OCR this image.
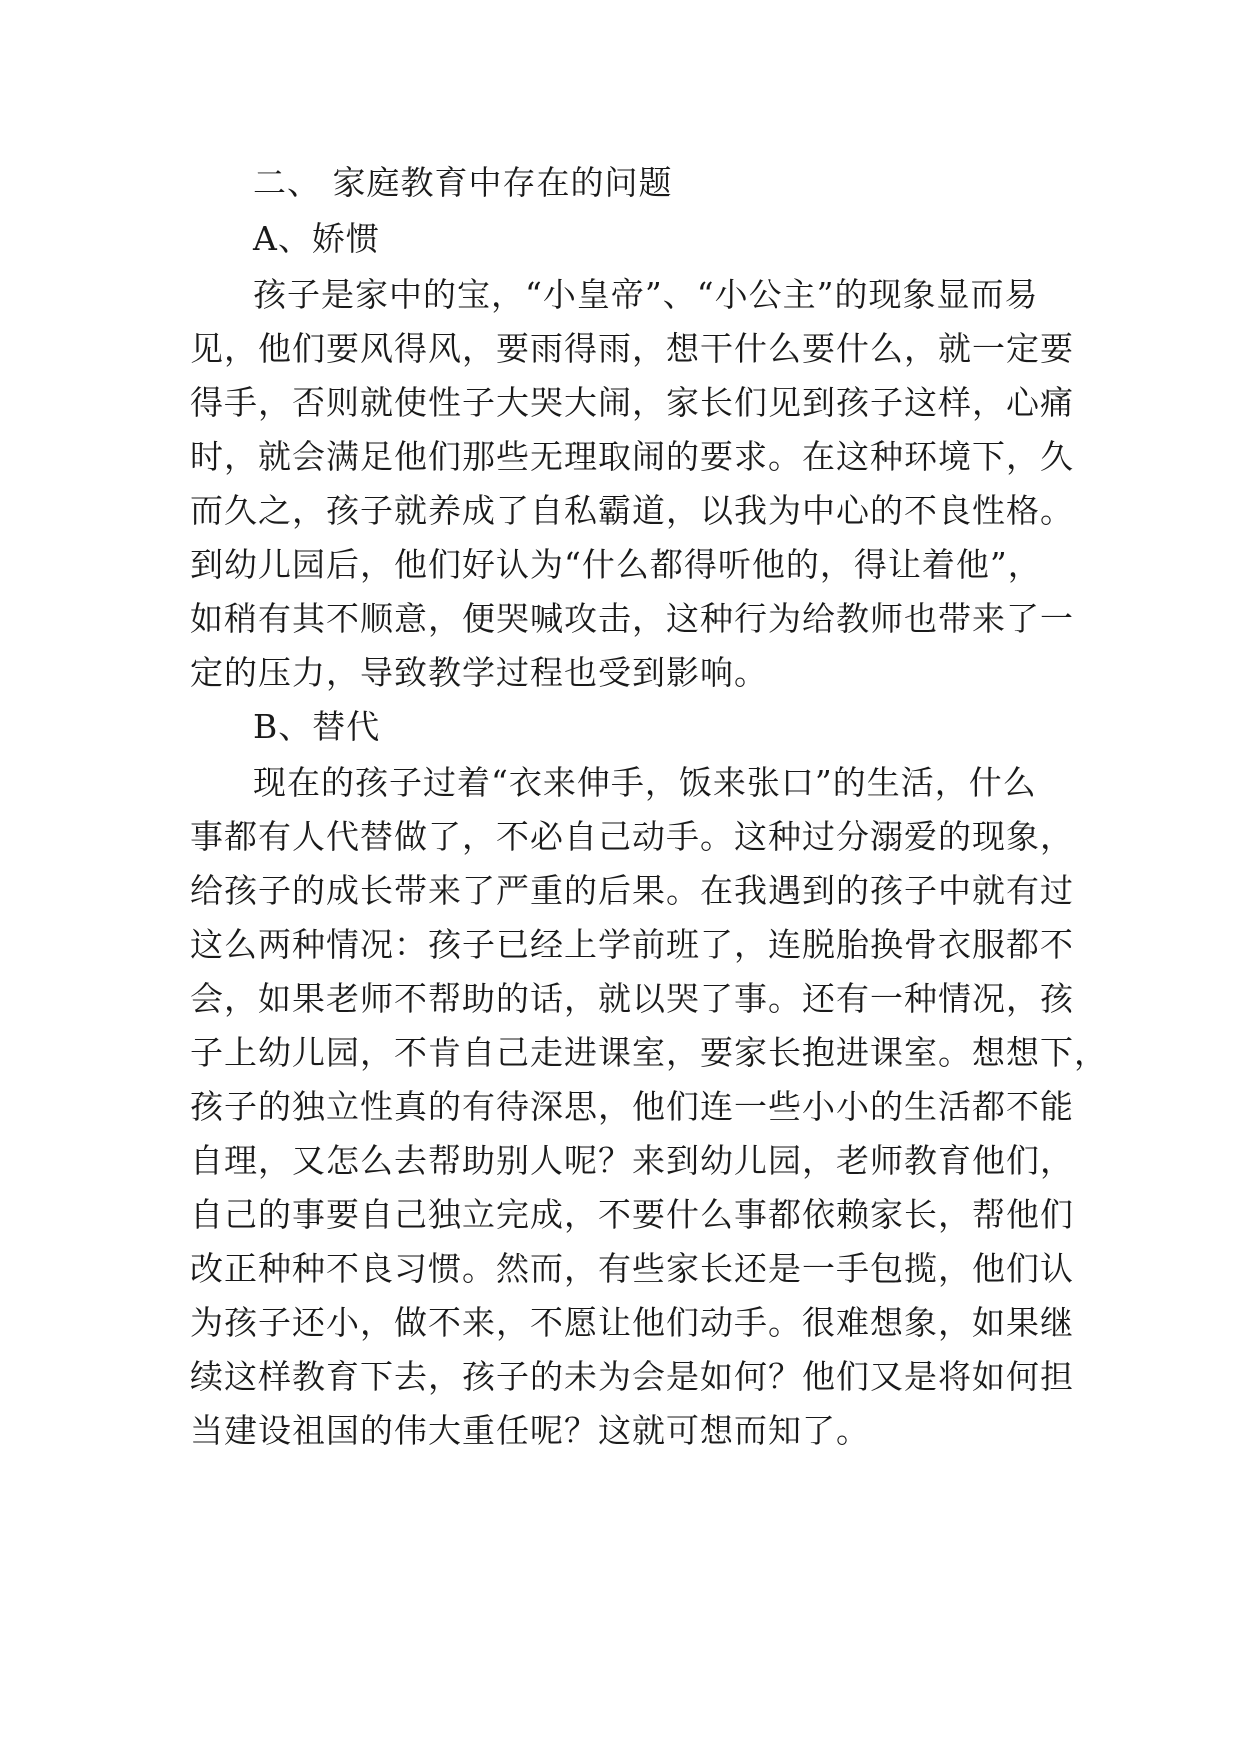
二、 家庭教育中存在的问题
A、娇惯
孩子是家中的宝，“小皇帝”、“小公主”的现象显而易
见，他们要风得风，要雨得雨，想干什么要什么，就一定要
得手，否则就使性子大哭大闹，家长们见到孩子这样，心痛
时，就会满足他们那些无理取闹的要求。在这种环境下，久
而久之，孩子就养成了自私霸道，以我为中心的不良性格。
到幼儿园后，他们好认为“什么都得听他的，得让着他”，
如稍有其不顺意，便哭喊攻击，这种行为给教师也带来了一
定的压力，导致教学过程也受到影响。
B、替代
现在的孩子过着“衣来伸手，饭来张口”的生活，什么
事都有人代替做了，不必自己动手。这种过分溺爱的现象，
给孩子的成长带来了严重的后果。在我遇到的孩子中就有过
这么两种情况：孩子已经上学前班了，连脱胎换骨衣服都不
会，如果老师不帮助的话，就以哭了事。还有一种情况，孩
子上幼儿园，不肯自己走进课室，要家长抱进课室。想想下，
孩子的独立性真的有待深思，他们连一些小小的生活都不能
自理，又怎么去帮助别人呢？来到幼儿园，老师教育他们，
自己的事要自己独立完成，不要什么事都依赖家长，帮他们
改正种种不良习惯。然而，有些家长还是一手包揽，他们认
为孩子还小，做不来，不愿让他们动手。很难想象，如果继
续这样教育下去，孩子的未为会是如何？他们又是将如何担
当建设祖国的伟大重任呢？这就可想而知了。
